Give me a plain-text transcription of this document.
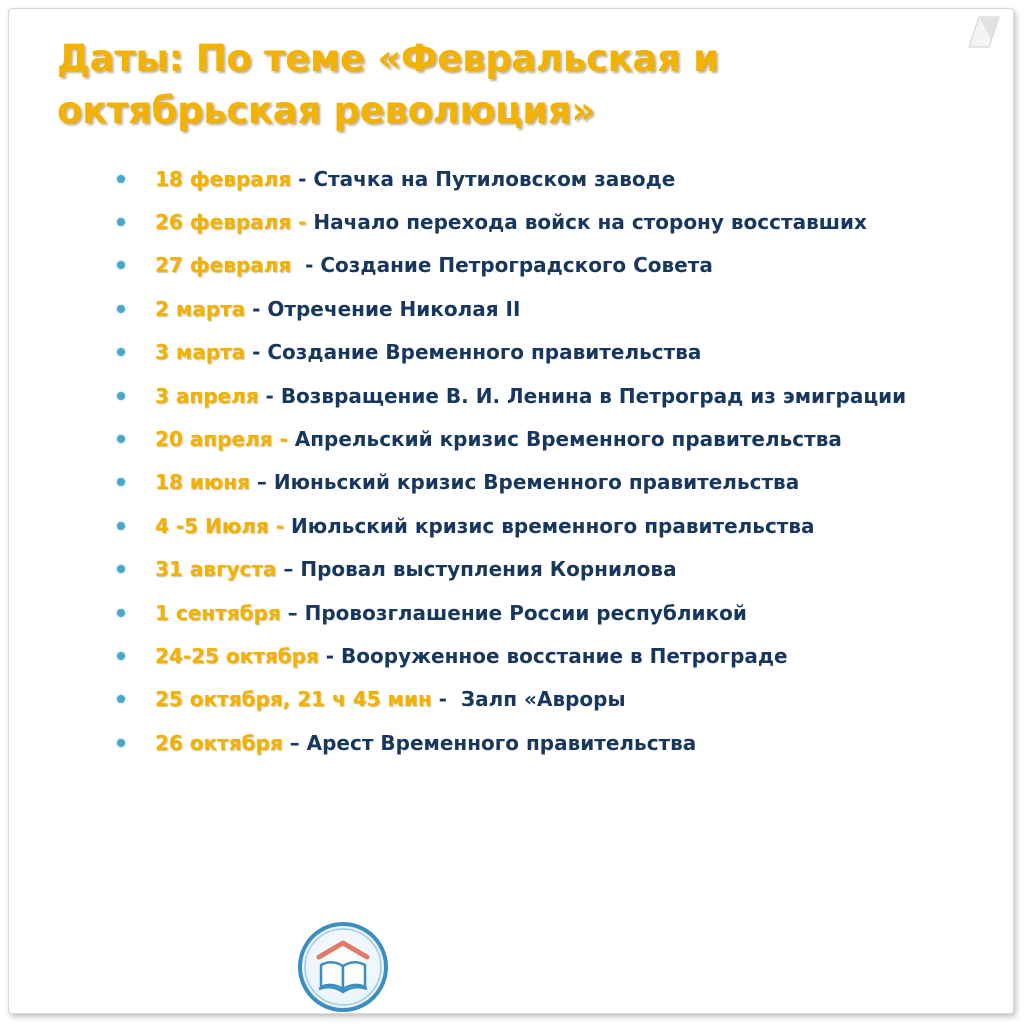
Даты: По теме «Февральская и октябрьская революция»
18 февраля - Стачка на Путиловском заводе
26 февраля -
Начало перехода войск на сторону восставших
27 февраля - Создание Петроградского Совета
2 марта - Отречение Николая II
3 марта - Создание Временного правительства
3 апреля - Возвращение В. И. Ленина в Петроград из эмиграции
20 апреля -
Апрельский кризис Временного правительства
18 июня – Июньский кризис Временного правительства
4 -5 Июля -
Июльский кризис временного правительства
31 августа – Провал выступления Корнилова
1 сентября – Провозглашение России республикой
24-25 октября - Вооруженное восстание в Петрограде
25 октября, 21 ч 45 мин - Залп «Авроры
26 октября – Арест Временного правительства
